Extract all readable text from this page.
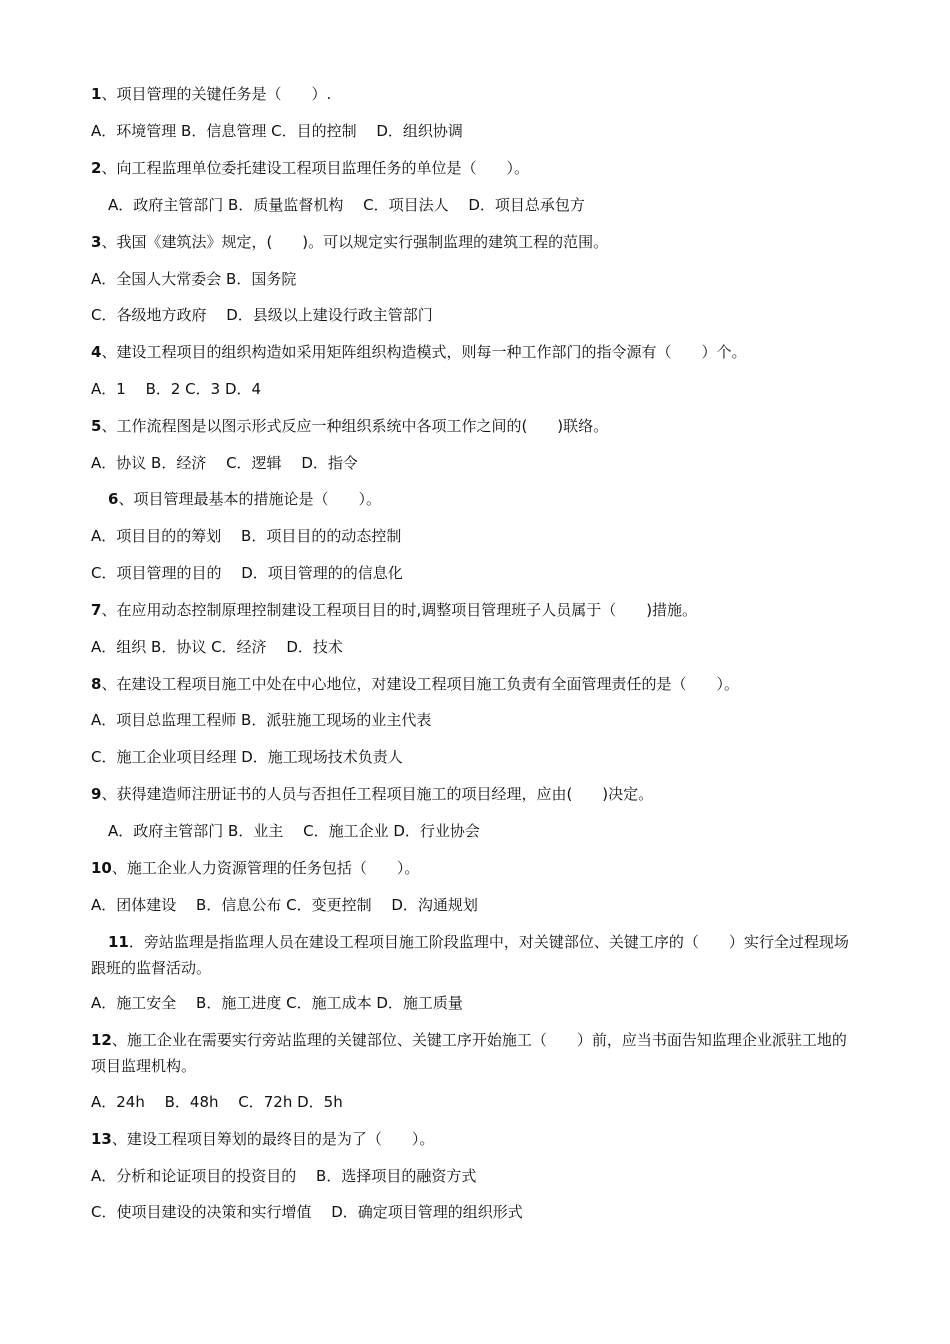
1、项目管理的关键任务是（　　）.
A．环境管理 B．信息管理 C．目的控制　 D．组织协调
2、向工程监理单位委托建设工程项目监理任务的单位是（　　）。
A．政府主管部门 B．质量监督机构　 C．项目法人　 D．项目总承包方
3、我国《建筑法》规定，(　　)。可以规定实行强制监理的建筑工程的范围。
A．全国人大常委会 B．国务院
C．各级地方政府　 D．县级以上建设行政主管部门
4、建设工程项目的组织构造如采用矩阵组织构造模式，则每一种工作部门的指令源有（　　）个。
A．1　 B．2 C．3 D．4
5、工作流程图是以图示形式反应一种组织系统中各项工作之间的(　　)联络。
A．协议 B．经济　 C．逻辑　 D．指令
6、项目管理最基本的措施论是（　　）。
A．项目目的的筹划　 B．项目目的的动态控制
C．项目管理的目的　 D．项目管理的的信息化
7、在应用动态控制原理控制建设工程项目目的时,调整项目管理班子人员属于（　　)措施。
A．组织 B．协议 C．经济　 D．技术
8、在建设工程项目施工中处在中心地位，对建设工程项目施工负责有全面管理责任的是（　　）。
A．项目总监理工程师 B．派驻施工现场的业主代表
C．施工企业项目经理 D．施工现场技术负责人
9、获得建造师注册证书的人员与否担任工程项目施工的项目经理，应由(　　)决定。
A．政府主管部门 B．业主　 C．施工企业 D．行业协会
10、施工企业人力资源管理的任务包括（　　）。
A．团体建设　 B．信息公布 C．变更控制　 D．沟通规划
11．旁站监理是指监理人员在建设工程项目施工阶段监理中，对关键部位、关键工序的（　　）实行全过程现场跟班的监督活动。
A．施工安全　 B．施工进度 C．施工成本 D．施工质量
12、施工企业在需要实行旁站监理的关键部位、关键工序开始施工（　　）前，应当书面告知监理企业派驻工地的项目监理机构。
A．24h　 B．48h　 C．72h D．5h
13、建设工程项目筹划的最终目的是为了（　　）。
A．分析和论证项目的投资目的　 B．选择项目的融资方式
C．使项目建设的决策和实行增值　 D．确定项目管理的组织形式
